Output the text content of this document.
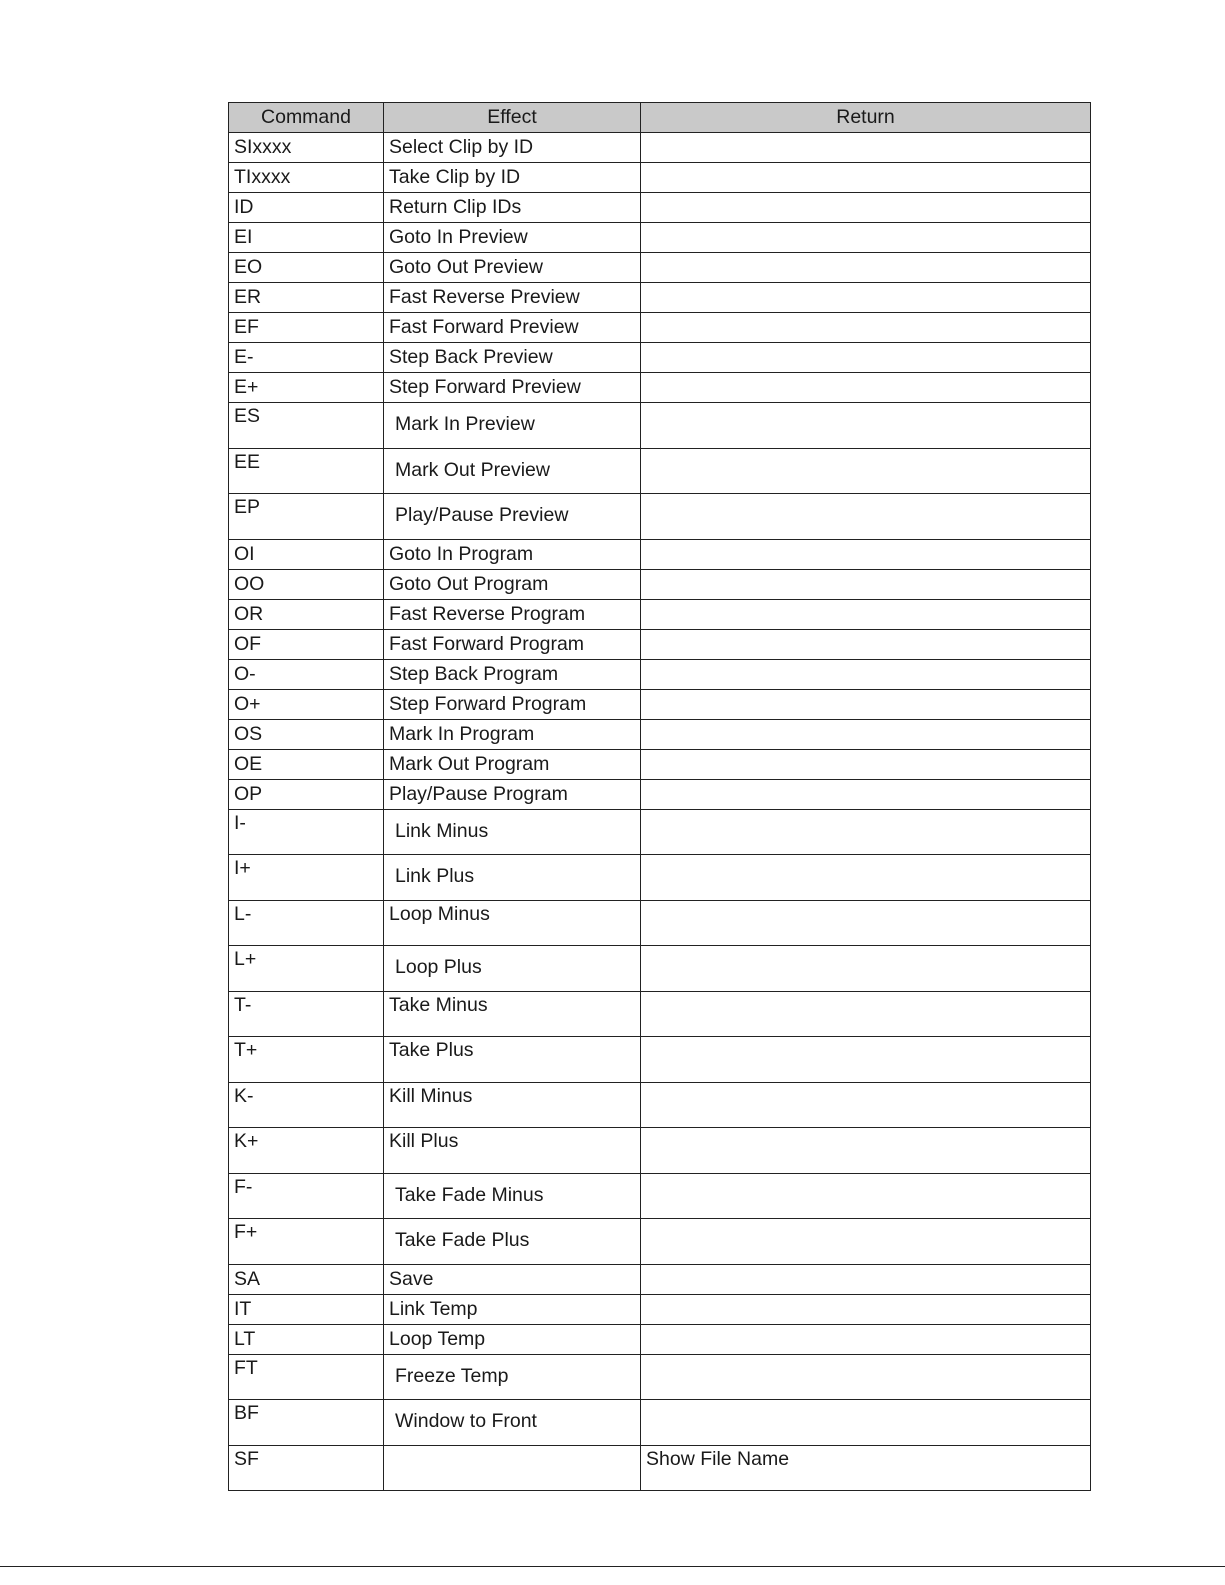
Command	Effect	Return
SIxxxx	Select Clip by ID	
TIxxxx	Take Clip by ID	
ID	Return Clip IDs	
EI	Goto In Preview	
EO	Goto Out Preview	
ER	Fast Reverse Preview	
EF	Fast Forward Preview	
E-	Step Back Preview	
E+	Step Forward Preview	
ES	Mark In Preview	
EE	Mark Out Preview	
EP	Play/Pause Preview	
OI	Goto In Program	
OO	Goto Out Program	
OR	Fast Reverse Program	
OF	Fast Forward Program	
O-	Step Back Program	
O+	Step Forward Program	
OS	Mark In Program	
OE	Mark Out Program	
OP	Play/Pause Program	
I-	Link Minus	
I+	Link Plus	
L-	Loop Minus	
L+	Loop Plus	
T-	Take Minus	
T+	Take Plus	
K-	Kill Minus	
K+	Kill Plus	
F-	Take Fade Minus	
F+	Take Fade Plus	
SA	Save	
IT	Link Temp	
LT	Loop Temp	
FT	Freeze Temp	
BF	Window to Front	
SF		Show File Name
